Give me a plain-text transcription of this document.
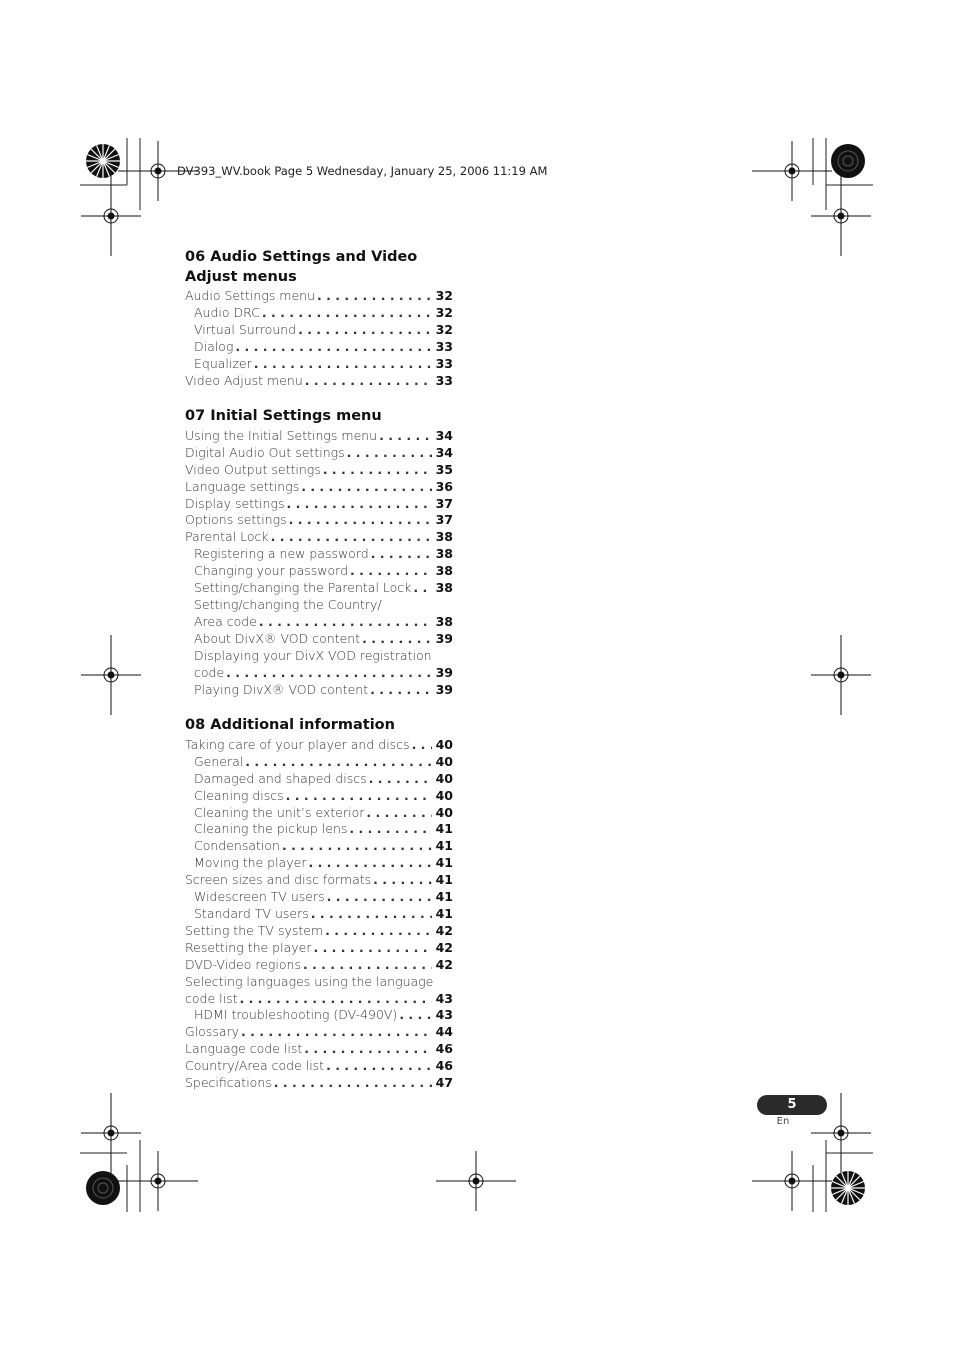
DV393_WV.book Page 5 Wednesday, January 25, 2006 11:19 AM
06 Audio Settings and Video Adjust menus
Audio Settings menu . . .	32
Audio DRC . . .	32
Virtual Surround . . .	32
Dialog . . .	33
Equalizer . . .	33
Video Adjust menu . . .	33
07 Initial Settings menu
Using the Initial Settings menu . . .	34
Digital Audio Out settings . . .	34
Video Output settings . . .	35
Language settings . . .	36
Display settings . . .	37
Options settings . . .	37
Parental Lock . . .	38
Registering a new password . . .	38
Changing your password . . .	38
Setting/changing the Parental Lock . . . 38
Setting/changing the Country/
Area code . . .	38
About DivX® VOD content . . .	39
Displaying your DivX VOD registration
code . . .	39
Playing DivX® VOD content . . .	39
08 Additional information
Taking care of your player and discs . . . 40
General . . .	40
Damaged and shaped discs . . .	40
Cleaning discs . . .	40
Cleaning the unit’s exterior . . .	40
Cleaning the pickup lens . . .	41
Condensation . . .	41
Moving the player . . .	41
Screen sizes and disc formats . . .	41
Widescreen TV users . . .	41
Standard TV users . . .	41
Setting the TV system . . .	42
Resetting the player . . .	42
DVD-Video regions . . .	42
Selecting languages using the language
code list . . .	43
HDMI troubleshooting (DV-490V) . . .	43
Glossary . . .	44
Language code list . . .	46
Country/Area code list . . .	46
Specifications . . .	47
5
En
